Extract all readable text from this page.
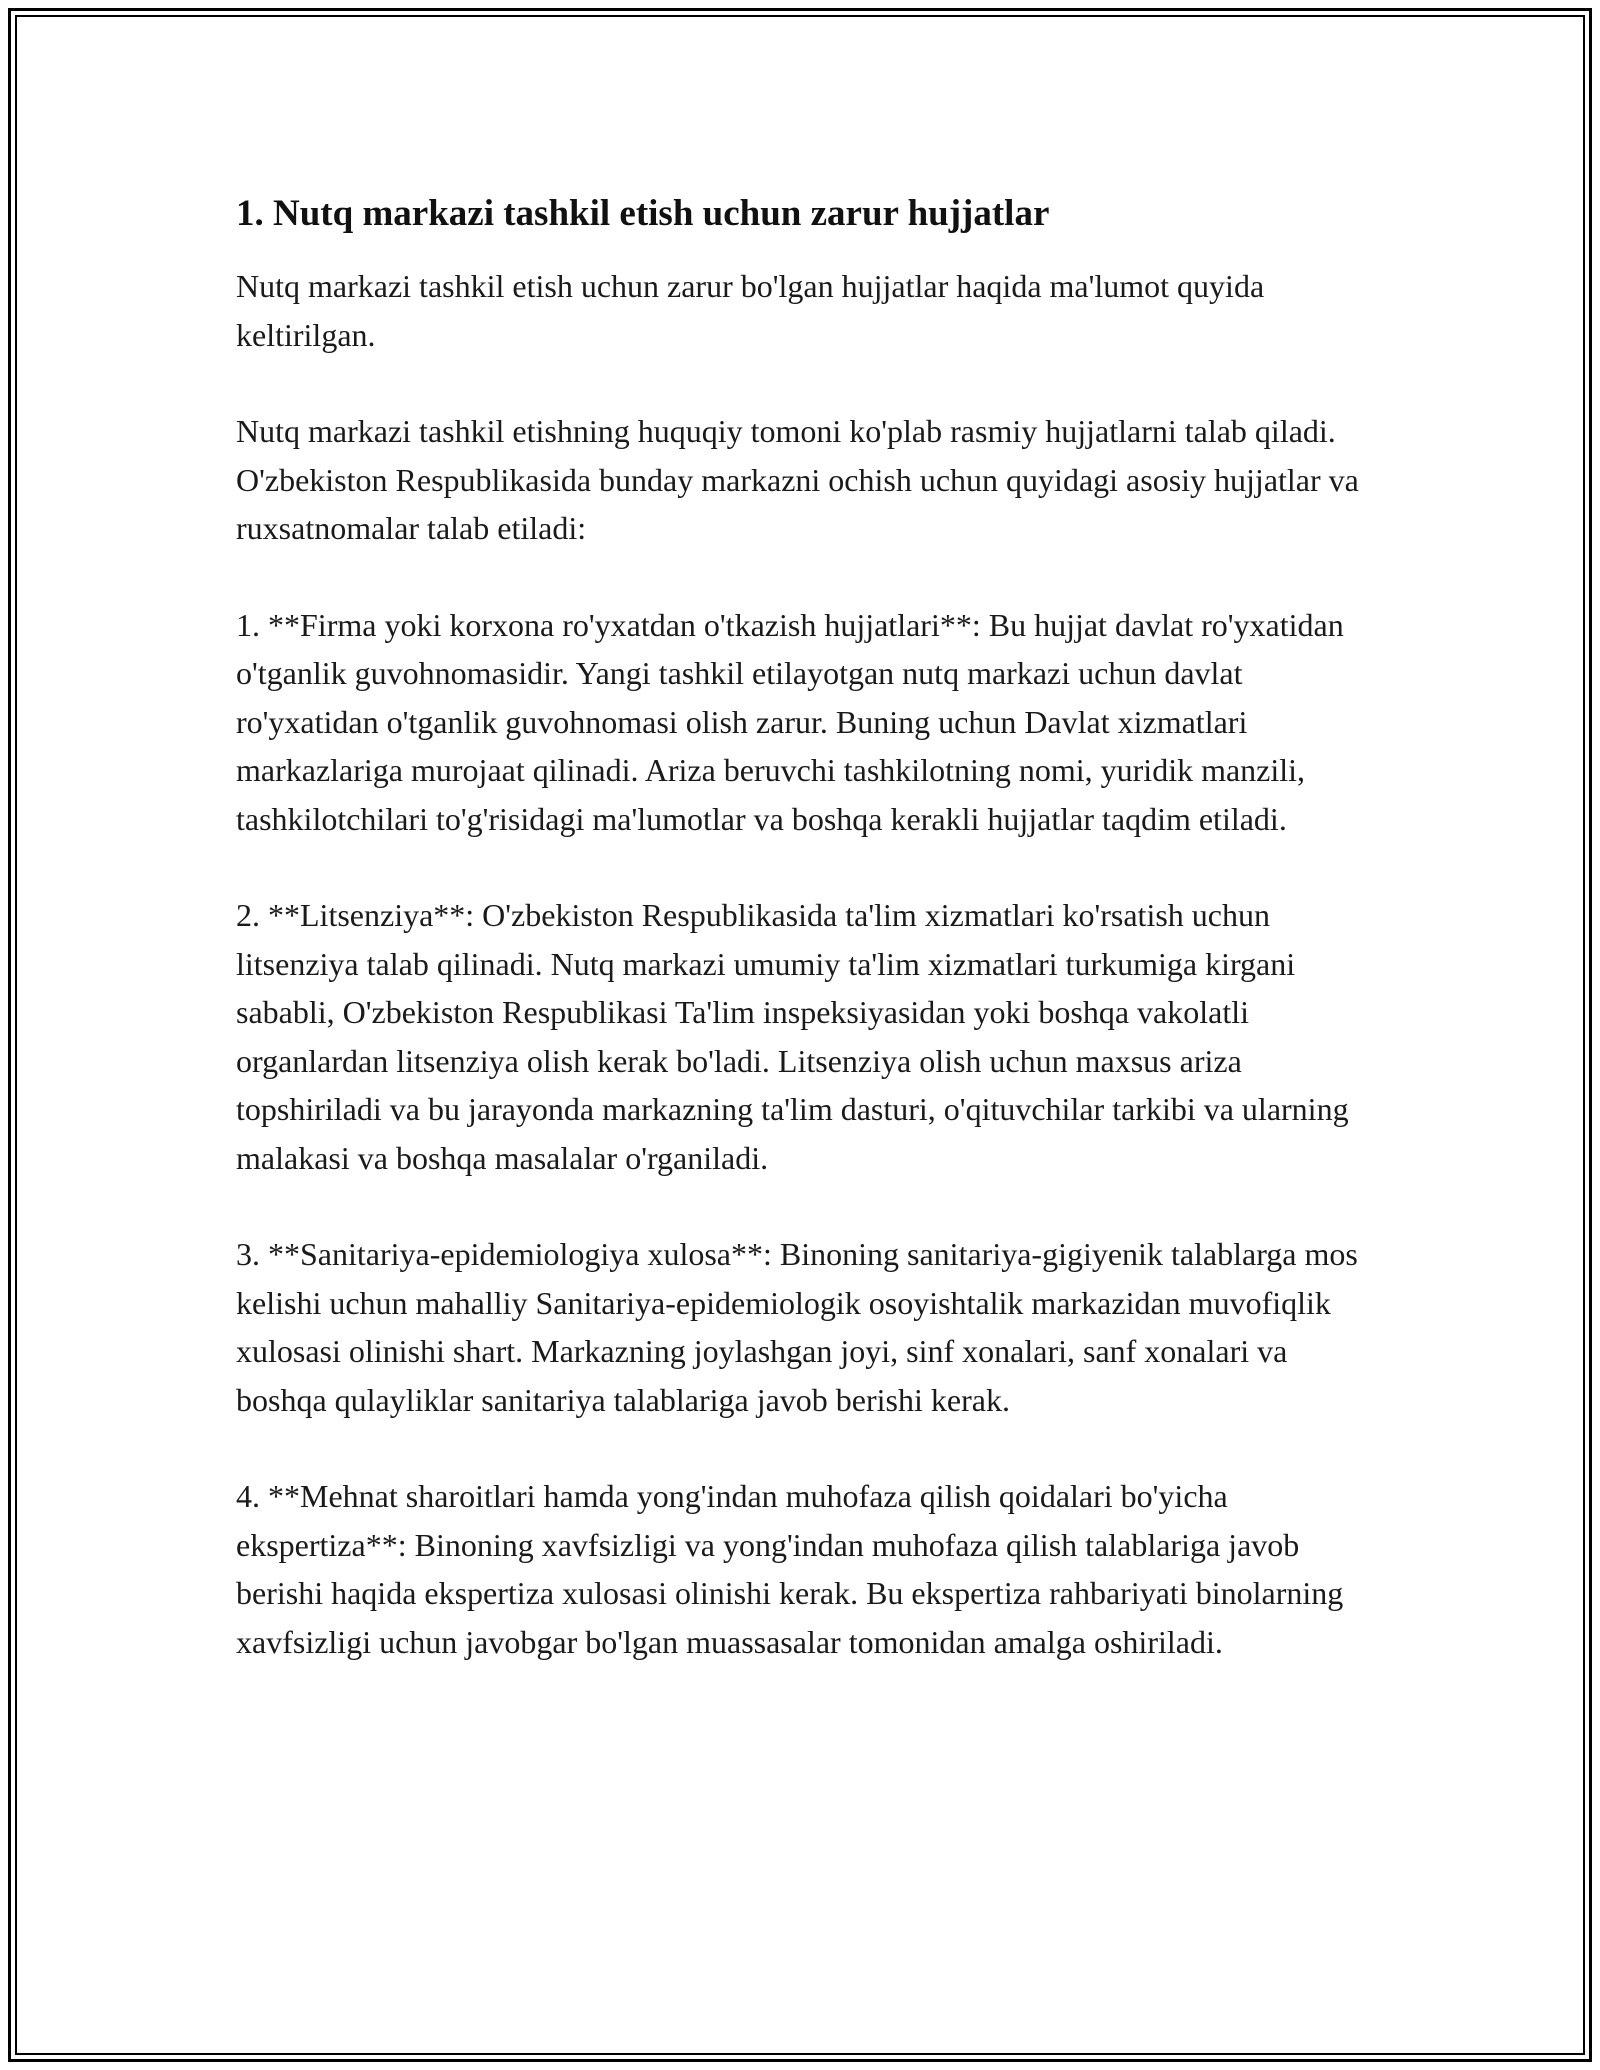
1. Nutq markazi tashkil etish uchun zarur hujjatlar

Nutq markazi tashkil etish uchun zarur bo'lgan hujjatlar haqida ma'lumot quyida keltirilgan.

Nutq markazi tashkil etishning huquqiy tomoni ko'plab rasmiy hujjatlarni talab qiladi. O'zbekiston Respublikasida bunday markazni ochish uchun quyidagi asosiy hujjatlar va ruxsatnomalar talab etiladi:

1. **Firma yoki korxona ro'yxatdan o'tkazish hujjatlari**: Bu hujjat davlat ro'yxatidan o'tganlik guvohnomasidir. Yangi tashkil etilayotgan nutq markazi uchun davlat ro'yxatidan o'tganlik guvohnomasi olish zarur. Buning uchun Davlat xizmatlari markazlariga murojaat qilinadi. Ariza beruvchi tashkilotning nomi, yuridik manzili, tashkilotchilari to'g'risidagi ma'lumotlar va boshqa kerakli hujjatlar taqdim etiladi.

2. **Litsenziya**: O'zbekiston Respublikasida ta'lim xizmatlari ko'rsatish uchun litsenziya talab qilinadi. Nutq markazi umumiy ta'lim xizmatlari turkumiga kirgani sababli, O'zbekiston Respublikasi Ta'lim inspeksiyasidan yoki boshqa vakolatli organlardan litsenziya olish kerak bo'ladi. Litsenziya olish uchun maxsus ariza topshiriladi va bu jarayonda markazning ta'lim dasturi, o'qituvchilar tarkibi va ularning malakasi va boshqa masalalar o'rganiladi.

3. **Sanitariya-epidemiologiya xulosa**: Binoning sanitariya-gigiyenik talablarga mos kelishi uchun mahalliy Sanitariya-epidemiologik osoyishtalik markazidan muvofiqlik xulosasi olinishi shart. Markazning joylashgan joyi, sinf xonalari, sanf xonalari va boshqa qulayliklar sanitariya talablariga javob berishi kerak.

4. **Mehnat sharoitlari hamda yong'indan muhofaza qilish qoidalari bo'yicha ekspertiza**: Binoning xavfsizligi va yong'indan muhofaza qilish talablariga javob berishi haqida ekspertiza xulosasi olinishi kerak. Bu ekspertiza rahbariyati binolarning xavfsizligi uchun javobgar bo'lgan muassasalar tomonidan amalga oshiriladi.
